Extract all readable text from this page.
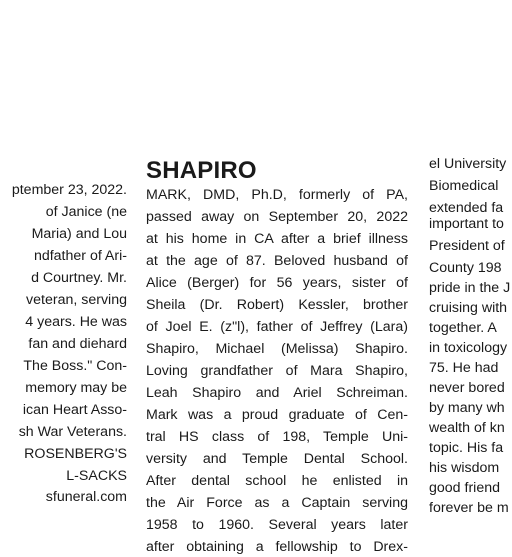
ptember 23, 2022.
of Janice (ne
Maria) and Lou
ndfather of Ari-
d Courtney. Mr.
veteran, serving
4 years. He was
fan and diehard
The Boss." Con-
memory may be
ican Heart Asso-
sh War Veterans.
ROSENBERG'S
L-SACKS
sfuneral.com
SHAPIRO
MARK, DMD, Ph.D, formerly of PA,
passed away on September 20, 2022
at his home in CA after a brief illness
at the age of 87. Beloved husband of
Alice (Berger) for 56 years, sister of
Sheila (Dr. Robert) Kessler, brother
of Joel E. (z"l), father of Jeffrey (Lara)
Shapiro, Michael (Melissa) Shapiro.
Loving grandfather of Mara Shapiro,
Leah Shapiro and Ariel Schreiman.
Mark was a proud graduate of Cen-
tral HS class of 198, Temple Uni-
versity and Temple Dental School.
After dental school he enlisted in
the Air Force as a Captain serving
1958 to 1960. Several years later
after obtaining a fellowship to Drex-
el University
Biomedical
extended fa
important to
President of
County 198
pride in the J
cruising with
together. A
in toxicology
75. He had
never bored
by many wh
wealth of kn
topic. His fa
his wisdom
good friend
forever be m
